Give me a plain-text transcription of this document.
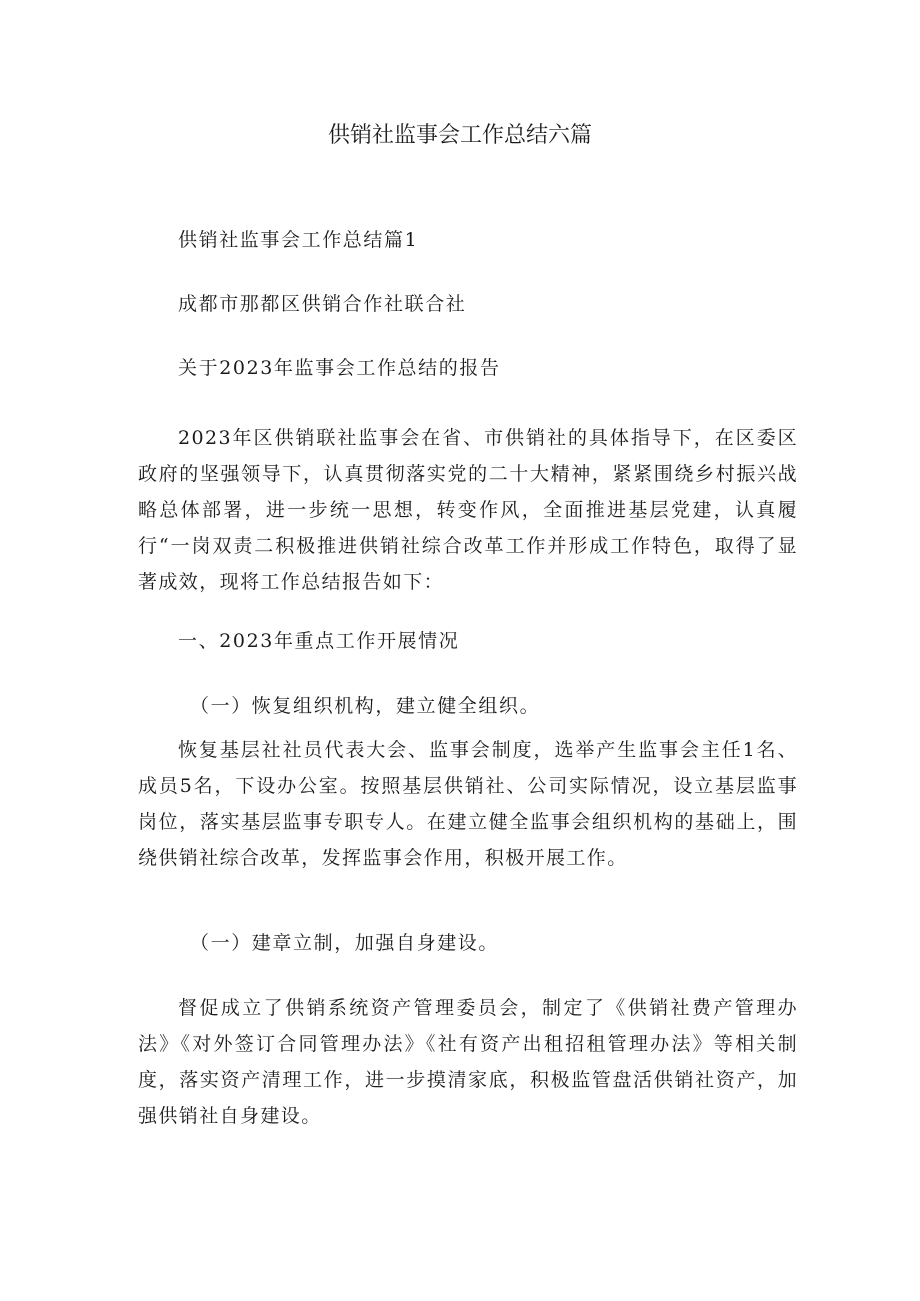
供销社监事会工作总结六篇

供销社监事会工作总结篇1

成都市那都区供销合作社联合社

关于2023年监事会工作总结的报告

2023年区供销联社监事会在省、市供销社的具体指导下，在区委区政府的坚强领导下，认真贯彻落实党的二十大精神，紧紧围绕乡村振兴战略总体部署，进一步统一思想，转变作风，全面推进基层党建，认真履行“一岗双责二积极推进供销社综合改革工作并形成工作特色，取得了显著成效，现将工作总结报告如下：

一、2023年重点工作开展情况

（一）恢复组织机构，建立健全组织。

恢复基层社社员代表大会、监事会制度，选举产生监事会主任1名、成员5名，下设办公室。按照基层供销社、公司实际情况，设立基层监事岗位，落实基层监事专职专人。在建立健全监事会组织机构的基础上，围绕供销社综合改革，发挥监事会作用，积极开展工作。

（一）建章立制，加强自身建设。

督促成立了供销系统资产管理委员会，制定了《供销社费产管理办法》《对外签订合同管理办法》《社有资产出租招租管理办法》等相关制度，落实资产清理工作，进一步摸清家底，积极监管盘活供销社资产，加强供销社自身建设。
